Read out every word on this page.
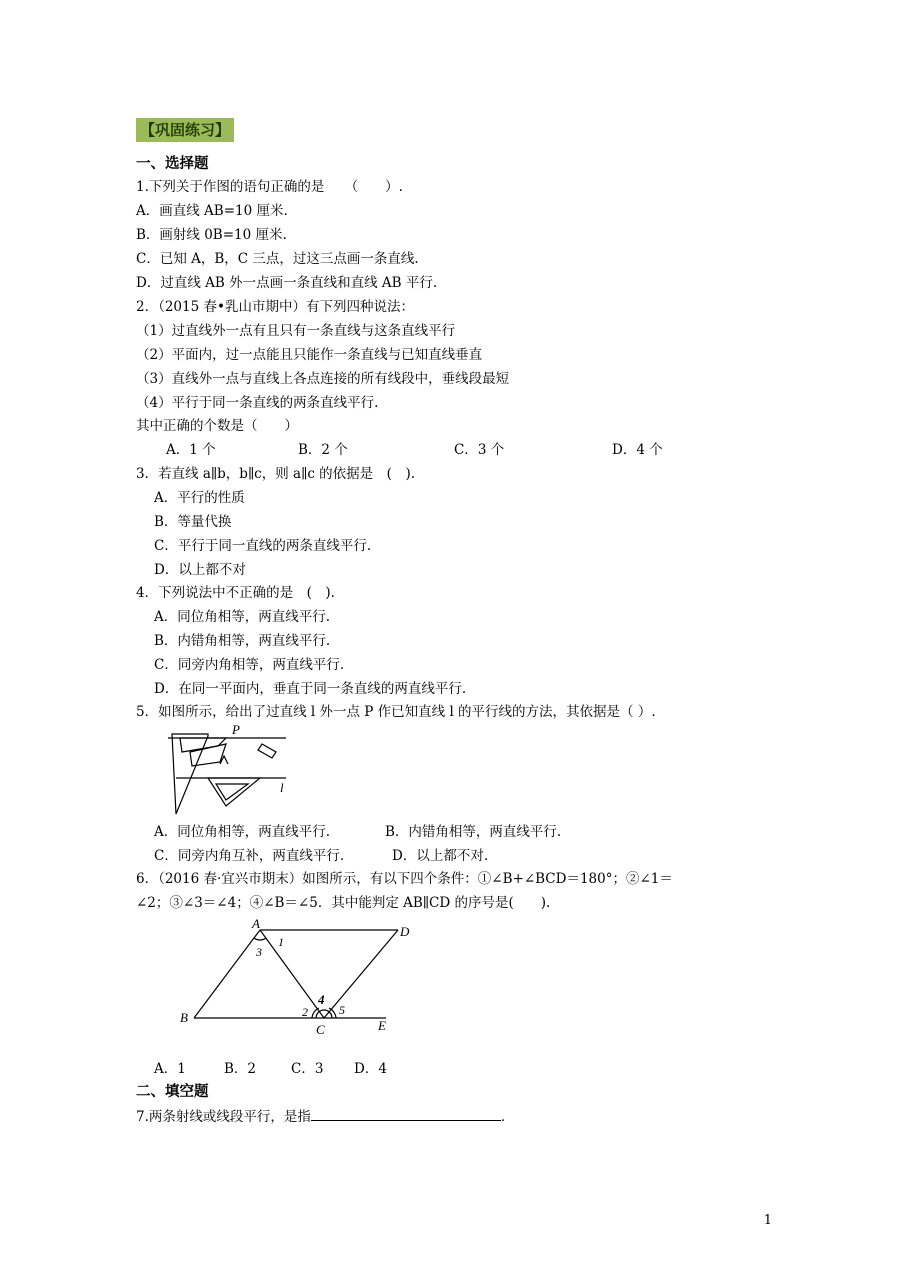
【巩固练习】
一、选择题
1.下列关于作图的语句正确的是　　（　　）.
A．画直线 AB=10 厘米.
B．画射线 0B=10 厘米.
C．已知 A，B，C 三点，过这三点画一条直线.
D．过直线 AB 外一点画一条直线和直线 AB 平行.
2．（2015 春•乳山市期中）有下列四种说法：
（1）过直线外一点有且只有一条直线与这条直线平行
（2）平面内，过一点能且只能作一条直线与已知直线垂直
（3）直线外一点与直线上各点连接的所有线段中，垂线段最短
（4）平行于同一条直线的两条直线平行.
其中正确的个数是（　　）
A．1 个	B．2 个	C．3 个	D．4 个
3．若直线 a∥b，b∥c，则 a∥c 的依据是　(　).
A．平行的性质
B．等量代换
C．平行于同一直线的两条直线平行.
D．以上都不对
4．下列说法中不正确的是　(　).
A．同位角相等，两直线平行.
B．内错角相等，两直线平行.
C．同旁内角相等，两直线平行.
D．在同一平面内，垂直于同一条直线的两直线平行.
5．如图所示，给出了过直线 l 外一点 P 作已知直线 l 的平行线的方法，其依据是（ ）.
P
l
A．同位角相等，两直线平行.	B．内错角相等，两直线平行.
C．同旁内角互补，两直线平行.	D．以上都不对.
6．（2016 春·宜兴市期末）如图所示，有以下四个条件：①∠B+∠BCD＝180°；②∠1＝
∠2；③∠3＝∠4；④∠B＝∠5．其中能判定 AB∥CD 的序号是(　　).
A
D
B
C	E
1
3
2
4
5
A．1	B．2	C．3 D．4
二、填空题
7.两条射线或线段平行，是指	．
1
